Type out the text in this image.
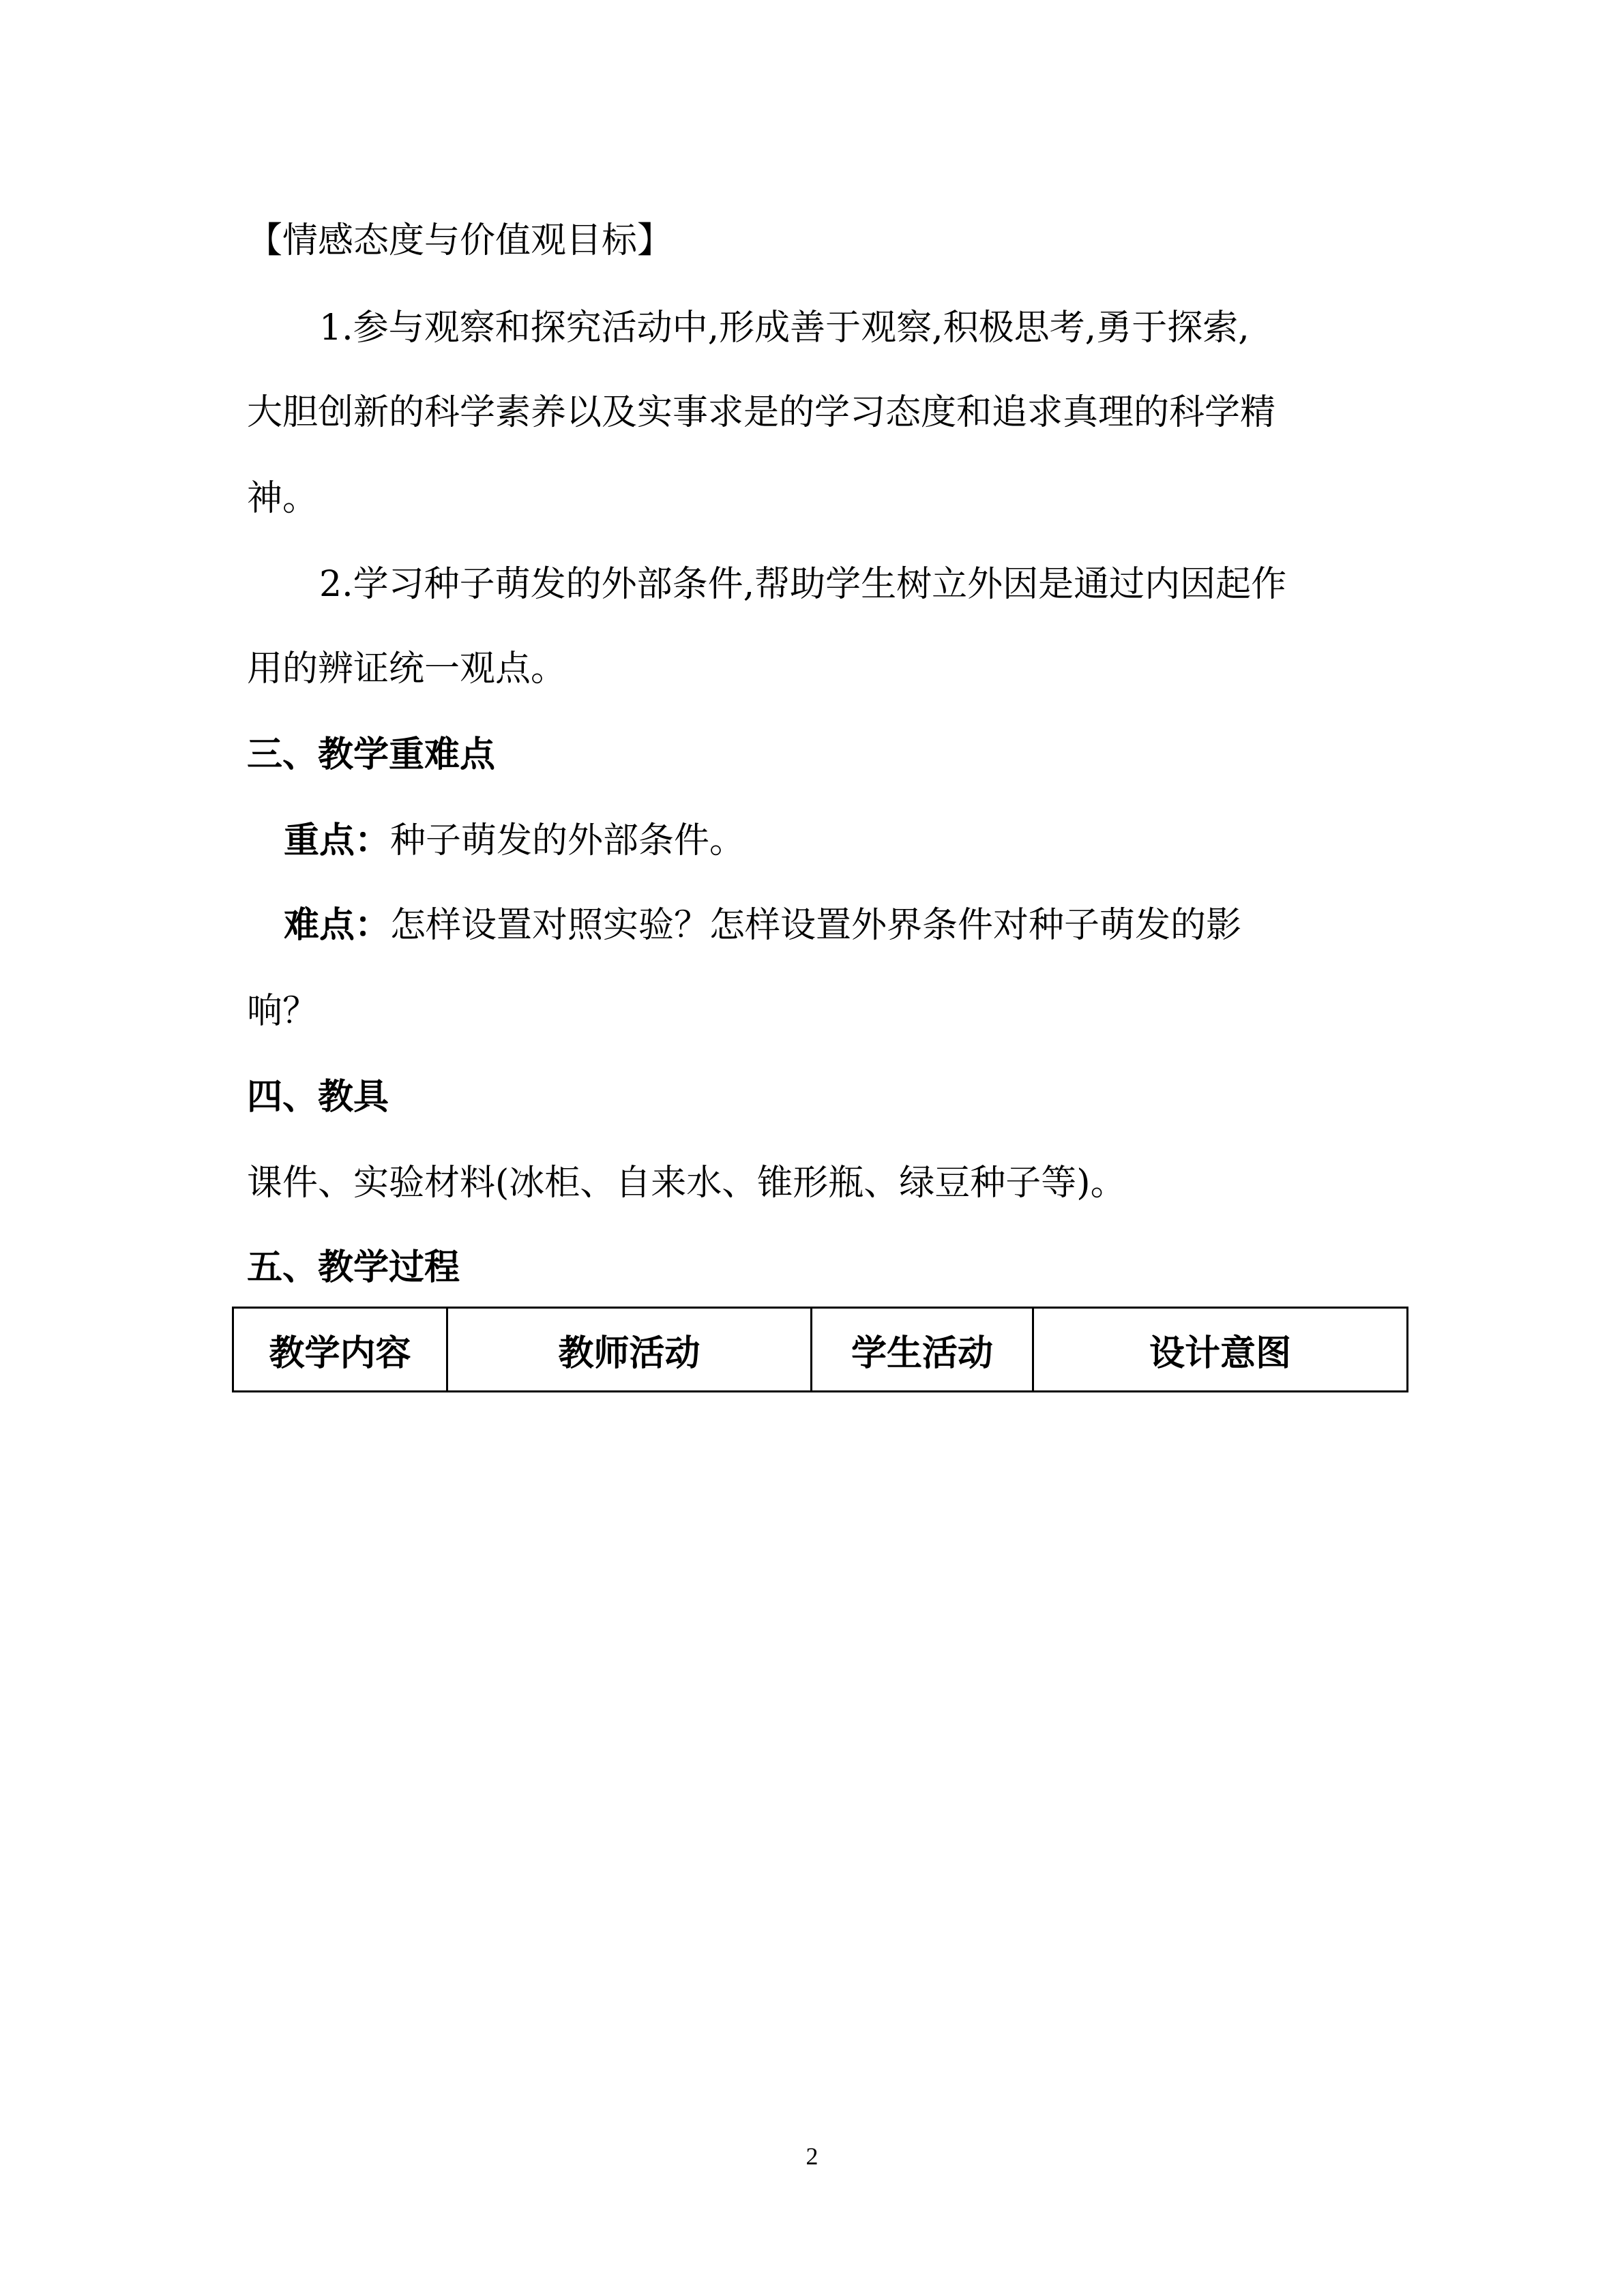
【情感态度与价值观目标】
1.参与观察和探究活动中,形成善于观察,积极思考,勇于探索,
大胆创新的科学素养以及实事求是的学习态度和追求真理的科学精
神。
2.学习种子萌发的外部条件,帮助学生树立外因是通过内因起作
用的辨证统一观点。
三、教学重难点
重点：种子萌发的外部条件。
难点：怎样设置对照实验？怎样设置外界条件对种子萌发的影
响？
四、教具
课件、实验材料(冰柜、自来水、锥形瓶、绿豆种子等)。
五、教学过程
教学内容	教师活动	学生活动	设计意图
2
